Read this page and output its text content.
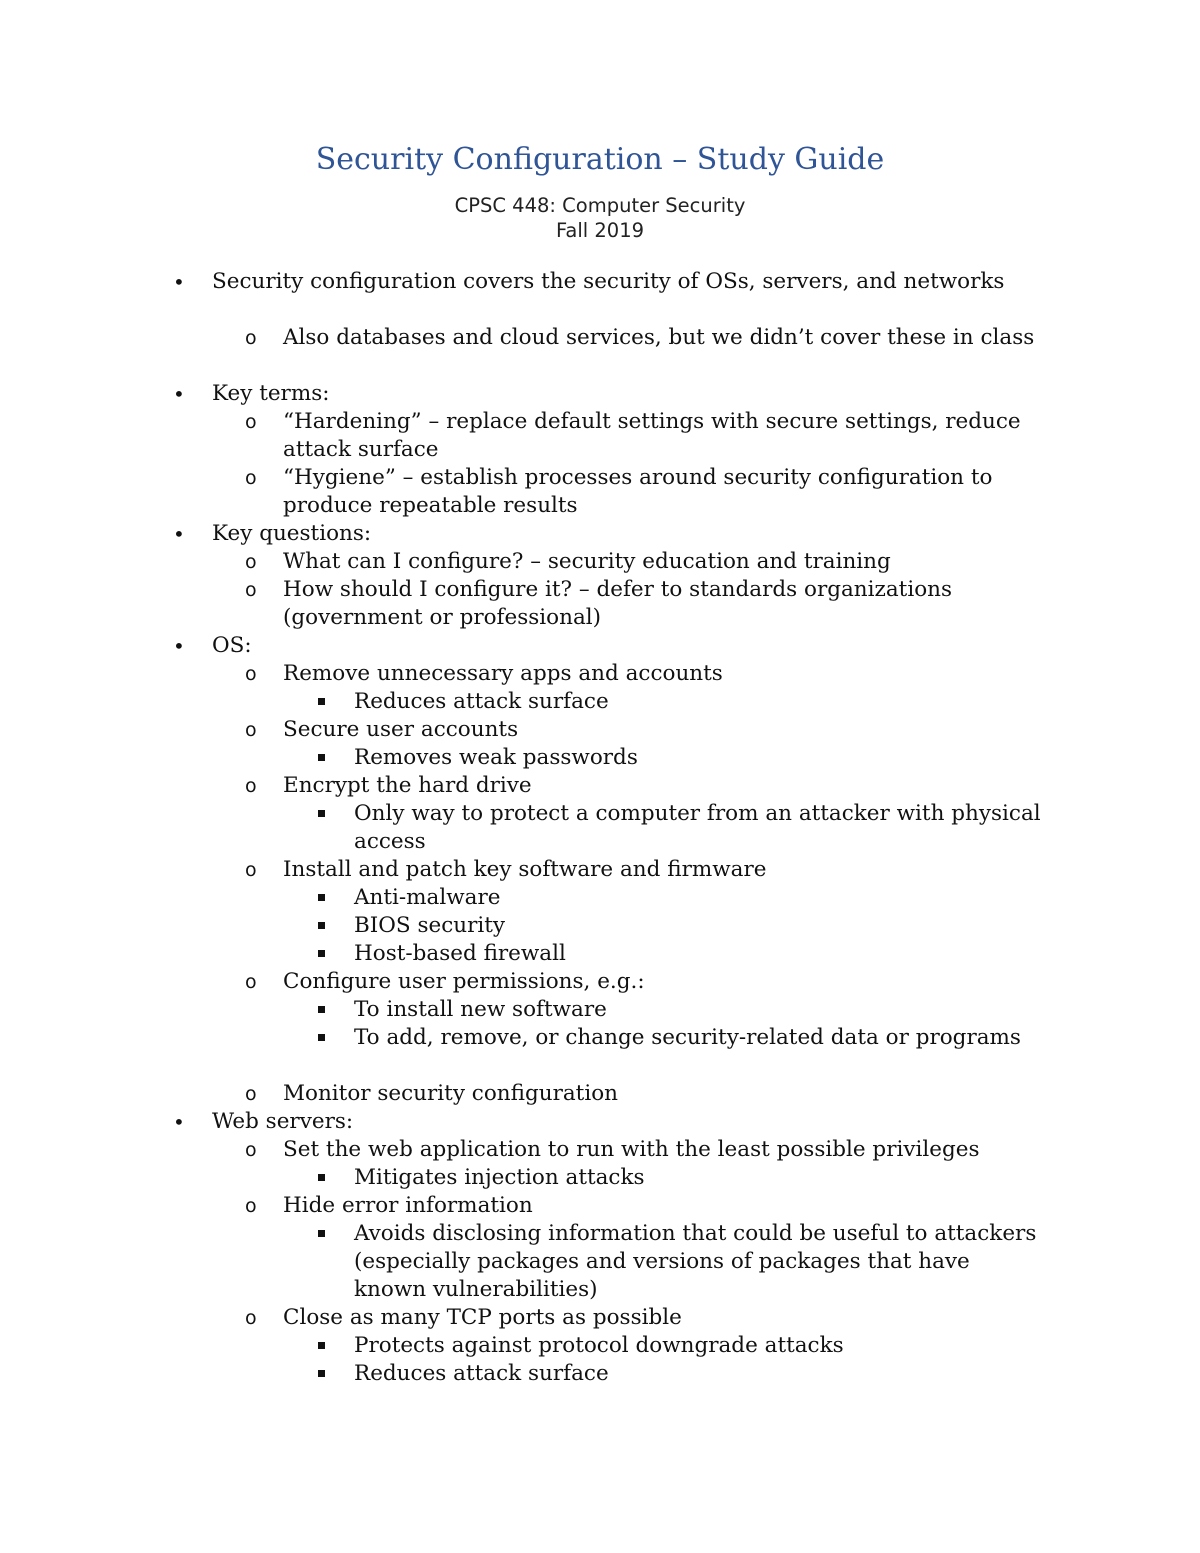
Security Configuration – Study Guide
CPSC 448: Computer Security
Fall 2019
• Security configuration covers the security of OSs, servers, and networks
o Also databases and cloud services, but we didn’t cover these in class
• Key terms:
o “Hardening” – replace default settings with secure settings, reduce attack surface
o “Hygiene” – establish processes around security configuration to produce repeatable results
• Key questions:
o What can I configure? – security education and training
o How should I configure it? – defer to standards organizations (government or professional)
• OS:
o Remove unnecessary apps and accounts
Reduces attack surface
o Secure user accounts
Removes weak passwords
o Encrypt the hard drive
Only way to protect a computer from an attacker with physical access
o Install and patch key software and firmware
Anti-malware
BIOS security
Host-based firewall
o Configure user permissions, e.g.:
To install new software
To add, remove, or change security-related data or programs
o Monitor security configuration
• Web servers:
o Set the web application to run with the least possible privileges
Mitigates injection attacks
o Hide error information
Avoids disclosing information that could be useful to attackers (especially packages and versions of packages that have known vulnerabilities)
o Close as many TCP ports as possible
Protects against protocol downgrade attacks
Reduces attack surface
